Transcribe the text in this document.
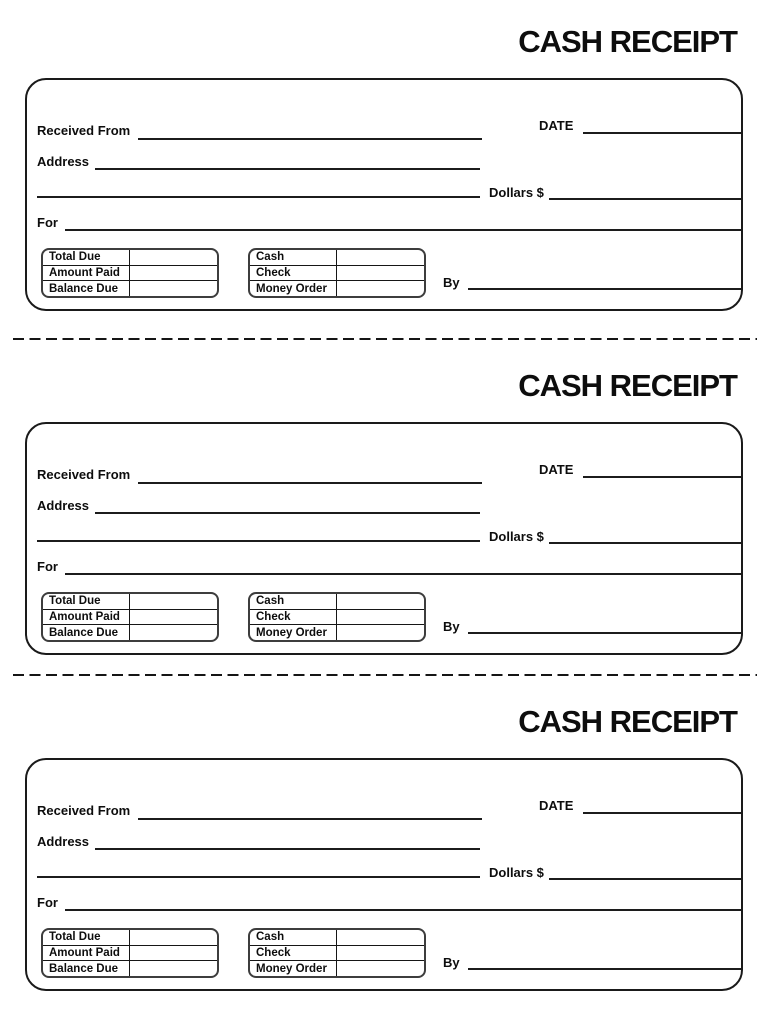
CASH RECEIPT
Received From	DATE
Address
Dollars $
For
Total Due
Amount Paid
Balance Due
Cash
Check
Money Order	By
CASH RECEIPT
Received From	DATE
Address
Dollars $
For
Total Due
Amount Paid
Balance Due
Cash
Check
Money Order	By
CASH RECEIPT
Received From	DATE
Address
Dollars $
For
Total Due
Amount Paid
Balance Due
Cash
Check
Money Order	By
